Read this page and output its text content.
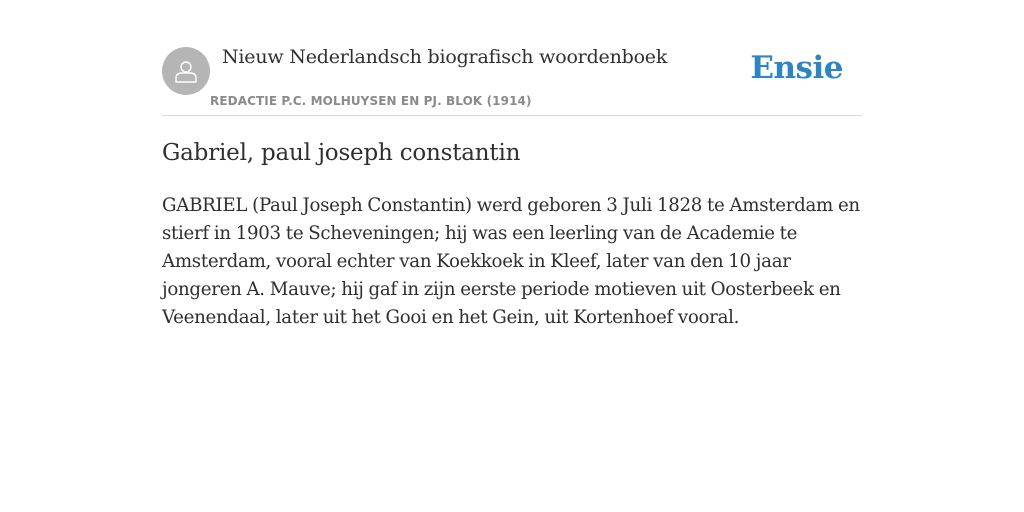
Nieuw Nederlandsch biografisch woordenboek
REDACTIE P.C. MOLHUYSEN EN PJ. BLOK (1914)
Ensie
Gabriel, paul joseph constantin

GABRIEL (Paul Joseph Constantin) werd geboren 3 Juli 1828 te Amsterdam en stierf in 1903 te Scheveningen; hij was een leerling van de Academie te Amsterdam, vooral echter van Koekkoek in Kleef, later van den 10 jaar jongeren A. Mauve; hij gaf in zijn eerste periode motieven uit Oosterbeek en Veenendaal, later uit het Gooi en het Gein, uit Kortenhoef vooral.
